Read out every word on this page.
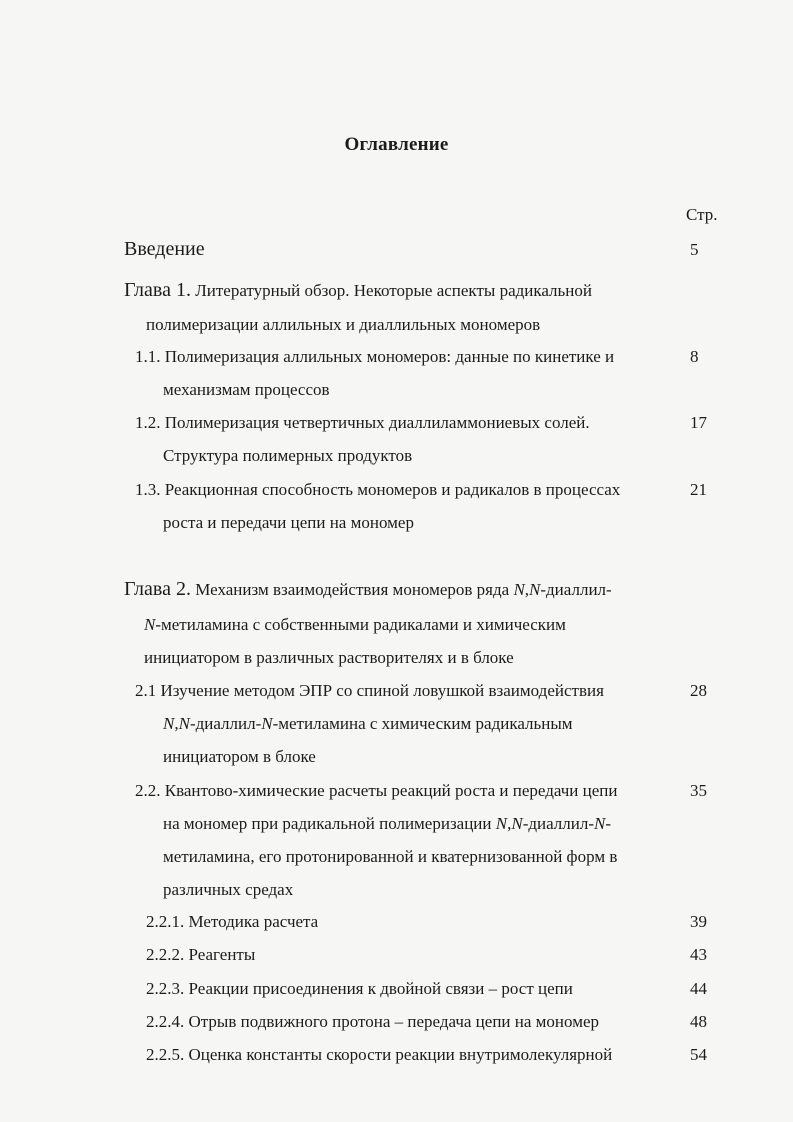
Оглавление
Стр.
Введение	5
Глава 1. Литературный обзор. Некоторые аспекты радикальной
полимеризации аллильных и диаллильных мономеров
1.1. Полимеризация аллильных мономеров: данные по кинетике и	8
механизмам процессов
1.2. Полимеризация четвертичных диаллиламмониевых солей.	17
Структура полимерных продуктов
1.3. Реакционная способность мономеров и радикалов в процессах	21
роста и передачи цепи на мономер
Глава 2. Механизм взаимодействия мономеров ряда N,N-диаллил-
N-метиламина с собственными радикалами и химическим
инициатором в различных растворителях и в блоке
2.1 Изучение методом ЭПР со спиной ловушкой взаимодействия	28
N,N-диаллил-N-метиламина с химическим радикальным
инициатором в блоке
2.2. Квантово-химические расчеты реакций роста и передачи цепи	35
на мономер при радикальной полимеризации N,N-диаллил-N-
метиламина, его протонированной и кватернизованной форм в
различных средах
2.2.1. Методика расчета	39
2.2.2. Реагенты	43
2.2.3. Реакции присоединения к двойной связи – рост цепи	44
2.2.4. Отрыв подвижного протона – передача цепи на мономер	48
2.2.5. Оценка константы скорости реакции внутримолекулярной	54
